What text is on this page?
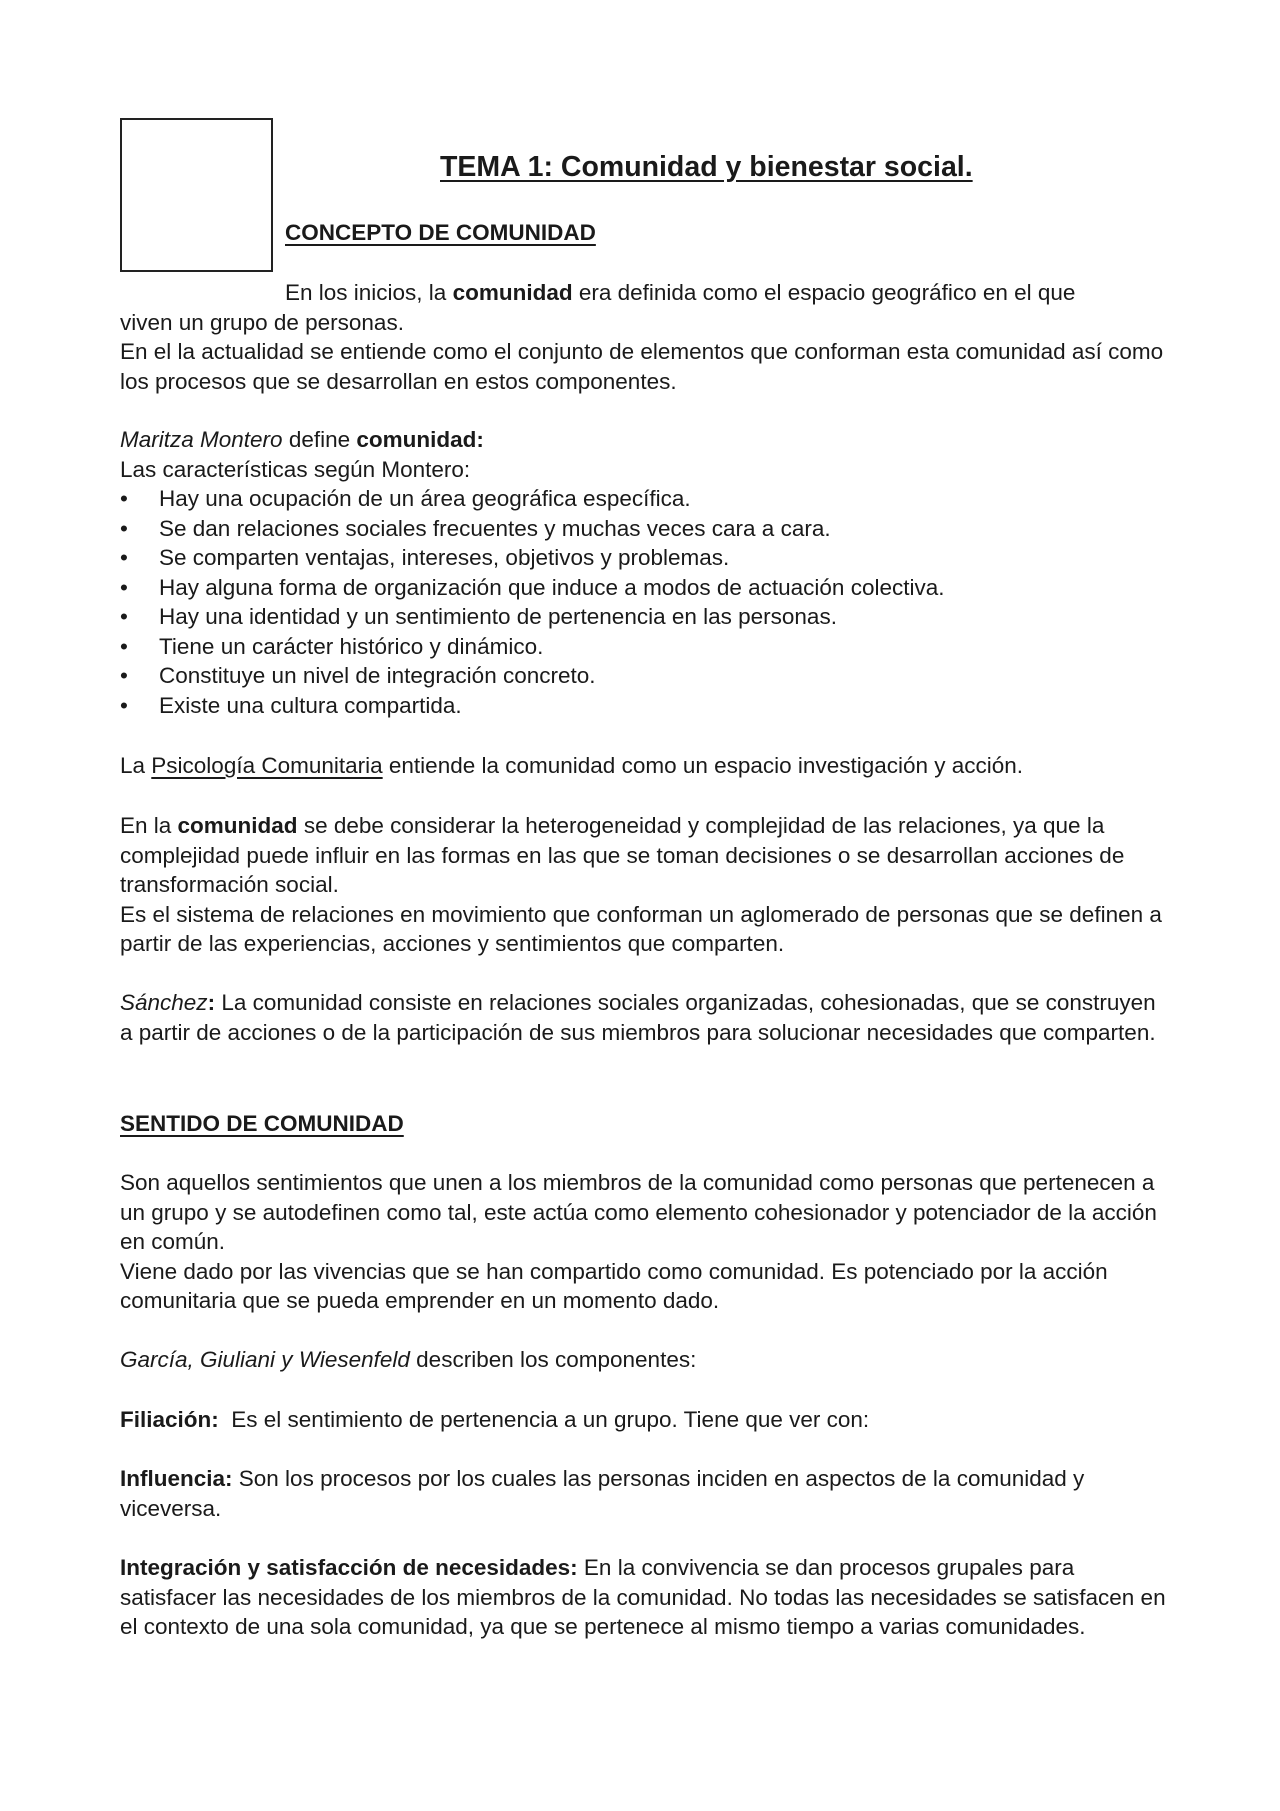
TEMA 1: Comunidad y bienestar social.
CONCEPTO DE COMUNIDAD

En los inicios, la comunidad era definida como el espacio geográfico en el que

viven un grupo de personas.

En el la actualidad se entiende como el conjunto de elementos que conforman esta comunidad así como los procesos que se desarrollan en estos componentes.

Maritza Montero define comunidad:

Las características según Montero:

• Hay una ocupación de un área geográfica específica.
• Se dan relaciones sociales frecuentes y muchas veces cara a cara.
• Se comparten ventajas, intereses, objetivos y problemas.
• Hay alguna forma de organización que induce a modos de actuación colectiva.
• Hay una identidad y un sentimiento de pertenencia en las personas.
• Tiene un carácter histórico y dinámico.
• Constituye un nivel de integración concreto.
• Existe una cultura compartida.

La Psicología Comunitaria entiende la comunidad como un espacio investigación y acción.

En la comunidad se debe considerar la heterogeneidad y complejidad de las relaciones, ya que la complejidad puede influir en las formas en las que se toman decisiones o se desarrollan acciones de transformación social.

Es el sistema de relaciones en movimiento que conforman un aglomerado de personas que se definen a partir de las experiencias, acciones y sentimientos que comparten.

Sánchez: La comunidad consiste en relaciones sociales organizadas, cohesionadas, que se construyen a partir de acciones o de la participación de sus miembros para solucionar necesidades que comparten.

SENTIDO DE COMUNIDAD

Son aquellos sentimientos que unen a los miembros de la comunidad como personas que pertenecen a un grupo y se autodefinen como tal, este actúa como elemento cohesionador y potenciador de la acción en común.

Viene dado por las vivencias que se han compartido como comunidad. Es potenciado por la acción comunitaria que se pueda emprender en un momento dado.

García, Giuliani y Wiesenfeld describen los componentes:

Filiación:  Es el sentimiento de pertenencia a un grupo. Tiene que ver con:

Influencia: Son los procesos por los cuales las personas inciden en aspectos de la comunidad y viceversa.

Integración y satisfacción de necesidades: En la convivencia se dan procesos grupales para satisfacer las necesidades de los miembros de la comunidad. No todas las necesidades se satisfacen en el contexto de una sola comunidad, ya que se pertenece al mismo tiempo a varias comunidades.
